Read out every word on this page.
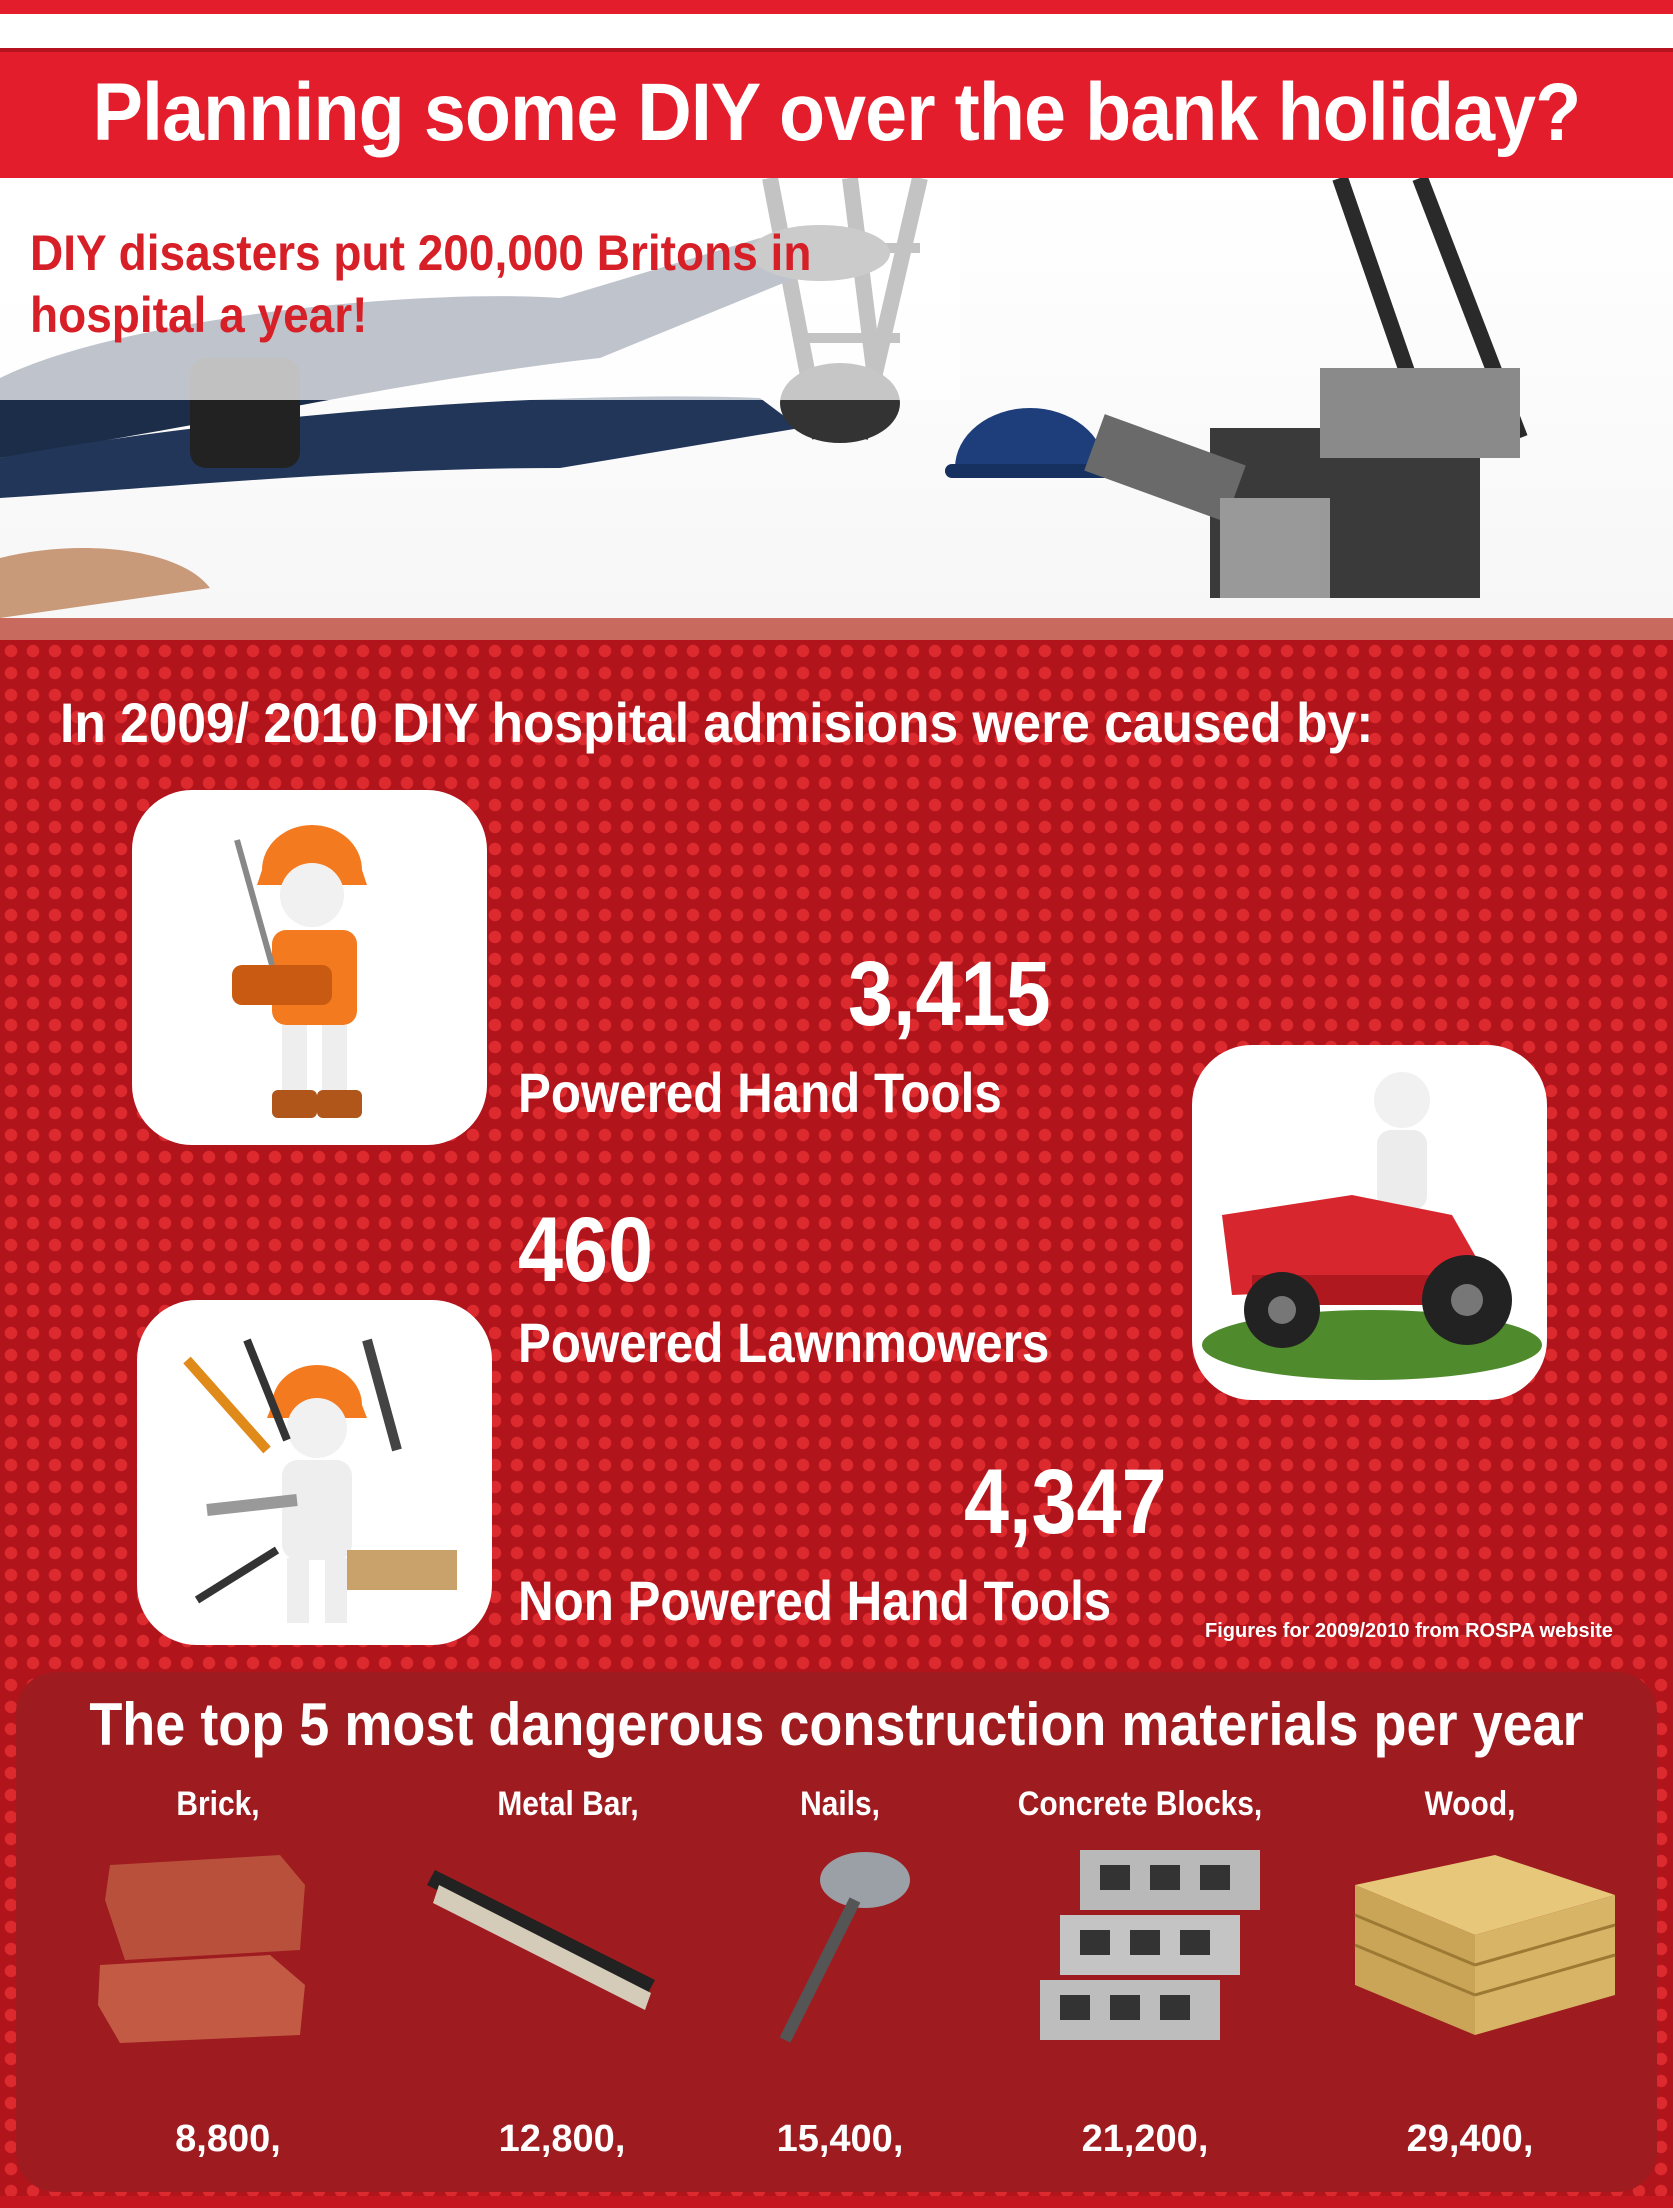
Planning some DIY over the bank holiday?
DIY disasters put 200,000 Britons in hospital a year!
In 2009/ 2010 DIY hospital admisions were caused by:
3,415
Powered Hand Tools
460
Powered Lawnmowers
4,347
Non Powered Hand Tools	Figures for 2009/2010 from ROSPA website
The top 5 most dangerous construction materials per year
Brick,	Metal Bar,	Nails,	Concrete Blocks,	Wood,
8,800,	12,800,	15,400,	21,200,	29,400,
